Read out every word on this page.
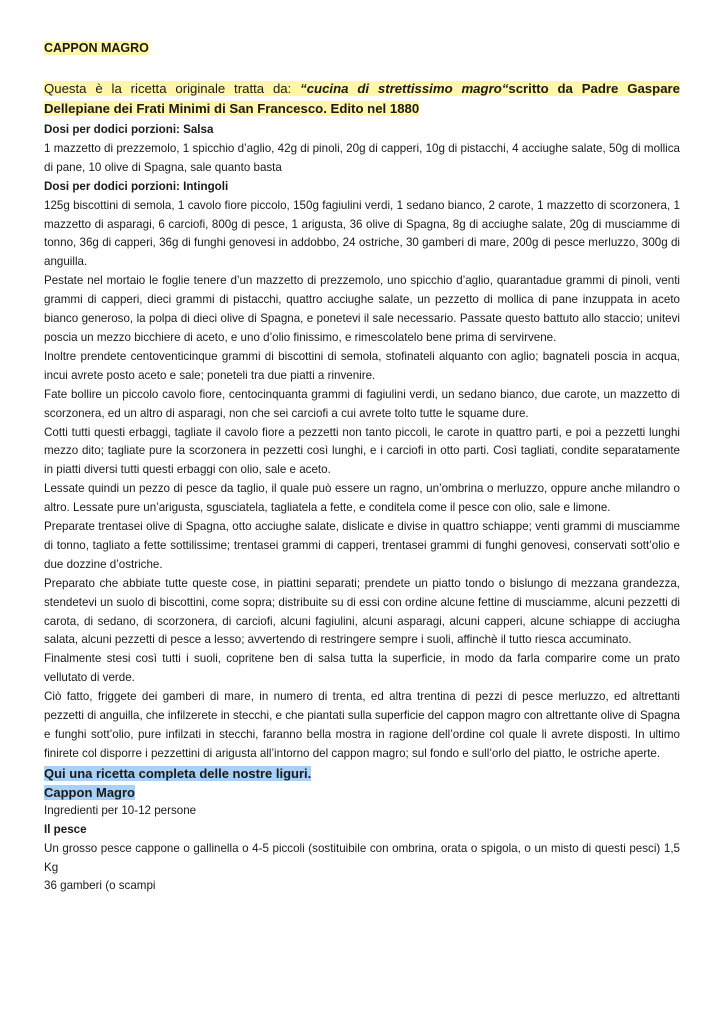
CAPPON MAGRO

Questa è la ricetta originale tratta da: “cucina di strettissimo magro“scritto da Padre Gaspare Dellepiane dei Frati Minimi di San Francesco. Edito nel 1880

Dosi per dodici porzioni: Salsa

1 mazzetto di prezzemolo, 1 spicchio d’aglio, 42g di pinoli, 20g di capperi, 10g di pistacchi, 4 acciughe salate, 50g di mollica di pane, 10 olive di Spagna, sale quanto basta

Dosi per dodici porzioni: Intingoli

125g biscottini di semola, 1 cavolo fiore piccolo, 150g fagiulini verdi, 1 sedano bianco, 2 carote, 1 mazzetto di scorzonera, 1 mazzetto di asparagi, 6 carciofi, 800g di pesce, 1 arigusta, 36 olive di Spagna, 8g di acciughe salate, 20g di musciamme di tonno, 36g di capperi, 36g di funghi genovesi in addobbo, 24 ostriche, 30 gamberi di mare, 200g di pesce merluzzo, 300g di anguilla.

Pestate nel mortaio le foglie tenere d’un mazzetto di prezzemolo, uno spicchio d’aglio, quarantadue grammi di pinoli, venti grammi di capperi, dieci grammi di pistacchi, quattro acciughe salate, un pezzetto di mollica di pane inzuppata in aceto bianco generoso, la polpa di dieci olive di Spagna, e ponetevi il sale necessario. Passate questo battuto allo staccio; unitevi poscia un mezzo bicchiere di aceto, e uno d’olio finissimo, e rimescolatelo bene prima di servirvene.

Inoltre prendete centoventicinque grammi di biscottini di semola, stofinateli alquanto con aglio; bagnateli poscia in acqua, incui avrete posto aceto e sale; poneteli tra due piatti a rinvenire.

Fate bollire un piccolo cavolo fiore, centocinquanta grammi di fagiulini verdi, un sedano bianco, due carote, un mazzetto di scorzonera, ed un altro di asparagi, non che sei carciofi a cui avrete tolto tutte le squame dure.

Cotti tutti questi erbaggi, tagliate il cavolo fiore a pezzetti non tanto piccoli, le carote in quattro parti, e poi a pezzetti lunghi mezzo dito; tagliate pure la scorzonera in pezzetti così lunghi, e i carciofi in otto parti. Così tagliati, condite separatamente in piatti diversi tutti questi erbaggi con olio, sale e aceto.

Lessate quindi un pezzo di pesce da taglio, il quale può essere un ragno, un’ombrina o merluzzo, oppure anche milandro o altro. Lessate pure un’arigusta, sgusciatela, tagliatela a fette, e conditela come il pesce con olio, sale e limone.

Preparate trentasei olive di Spagna, otto acciughe salate, dislicate e divise in quattro schiappe; venti grammi di musciamme di tonno, tagliato a fette sottilissime; trentasei grammi di capperi, trentasei grammi di funghi genovesi, conservati sott’olio e due dozzine d’ostriche.

Preparato che abbiate tutte queste cose, in piattini separati; prendete un piatto tondo o bislungo di mezzana grandezza, stendetevi un suolo di biscottini, come sopra; distribuite su di essi con ordine alcune fettine di musciamme, alcuni pezzetti di carota, di sedano, di scorzonera, di carciofi, alcuni fagiulini, alcuni asparagi, alcuni capperi, alcune schiappe di acciugha salata, alcuni pezzetti di pesce a lesso; avvertendo di restringere sempre i suoli, affinchè il tutto riesca accuminato.

Finalmente stesi così tutti i suoli, copritene ben di salsa tutta la superficie, in modo da farla comparire come un prato vellutato di verde.

Ciò fatto, friggete dei gamberi di mare, in numero di trenta, ed altra trentina di pezzi di pesce merluzzo, ed altrettanti pezzetti di anguilla, che infilzerete in stecchi, e che piantati sulla superficie del cappon magro con altrettante olive di Spagna e funghi sott’olio, pure infilzati in stecchi, faranno bella mostra in ragione dell’ordine col quale li avrete disposti. In ultimo finirete col disporre i pezzettini di arigusta all’intorno del cappon magro; sul fondo e sull’orlo del piatto, le ostriche aperte.

Qui una ricetta completa delle nostre liguri.

Cappon Magro

Ingredienti per 10-12 persone

Il pesce

Un grosso pesce cappone o gallinella o 4-5 piccoli (sostituibile con ombrina, orata o spigola, o un misto di questi pesci) 1,5 Kg

36 gamberi (o scampi
